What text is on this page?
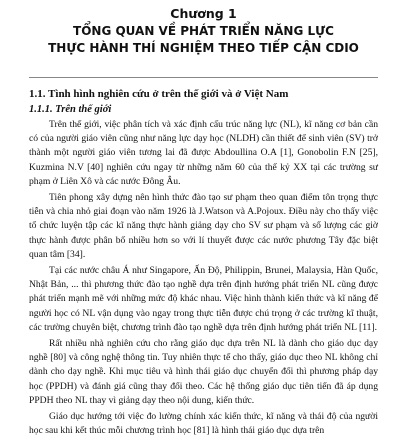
Chương 1
TỔNG QUAN VỀ PHÁT TRIỂN NĂNG LỰC
THỰC HÀNH THÍ NGHIỆM THEO TIẾP CẬN CDIO
1.1. Tình hình nghiên cứu ở trên thế giới và ở Việt Nam
1.1.1. Trên thế giới

Trên thế giới, việc phân tích và xác định cấu trúc năng lực (NL), kĩ năng cơ bản cần có của người giáo viên cũng như năng lực dạy học (NLDH) cần thiết để sinh viên (SV) trở thành một người giáo viên tương lai đã được Abdoullina O.A [1], Gonobolin F.N [25], Kuzmina N.V [40] nghiên cứu ngay từ những năm 60 của thế kỷ XX tại các trường sư phạm ở Liên Xô và các nước Đông Âu.

Tiên phong xây dựng nên hình thức đào tạo sư phạm theo quan điểm tôn trọng thực tiễn và chia nhỏ giai đoạn vào năm 1926 là J.Watson và A.Pojoux. Điều này cho thấy việc tổ chức luyện tập các kĩ năng thực hành giảng dạy cho SV sư phạm và số lượng các giờ thực hành được phân bố nhiều hơn so với lí thuyết được các nước phương Tây đặc biệt quan tâm [34].

Tại các nước châu Á như Singapore, Ấn Độ, Philippin, Brunei, Malaysia, Hàn Quốc, Nhật Bản, ... thì phương thức đào tạo nghề dựa trên định hướng phát triển NL cũng được phát triển mạnh mẽ với những mức độ khác nhau. Việc hình thành kiến thức và kĩ năng để người học có NL vận dụng vào ngay trong thực tiễn được chú trọng ở các trường kĩ thuật, các trường chuyên biệt, chương trình đào tạo nghề dựa trên định hướng phát triển NL [11].

Rất nhiều nhà nghiên cứu cho rằng giáo dục dựa trên NL là dành cho giáo dục dạy nghề [80] và công nghệ thông tin. Tuy nhiên thực tế cho thấy, giáo dục theo NL không chỉ dành cho dạy nghề. Khi mục tiêu và hình thái giáo dục chuyển đổi thì phương pháp dạy học (PPDH) và đánh giá cũng thay đổi theo. Các hệ thống giáo dục tiên tiến đã áp dụng PPDH theo NL thay vì giảng dạy theo nội dung, kiến thức.

Giáo dục hướng tới việc đo lường chính xác kiến thức, kĩ năng và thái độ của người học sau khi kết thúc mỗi chương trình học [81] là hình thái giáo dục dựa trên
